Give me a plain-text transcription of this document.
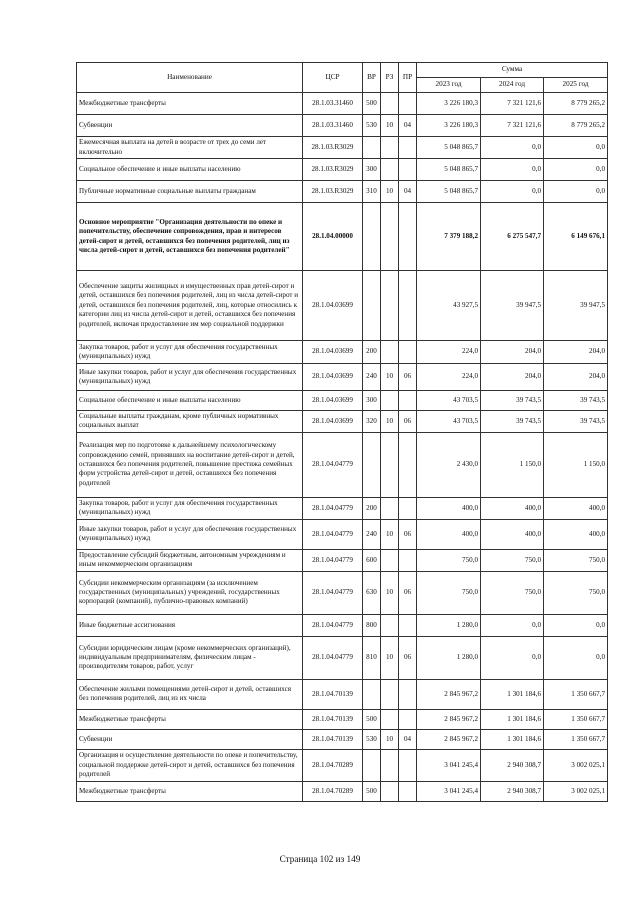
Наименование	ЦСР	ВР	РЗ	ПР	Сумма		
					2023 год	2024 год	2025 год
Межбюджетные трансферты	28.1.03.31460	500			3 226 180,3	7 321 121,6	8 779 265,2
Субвенции	28.1.03.31460	530	10	04	3 226 180,3	7 321 121,6	8 779 265,2
Ежемесячная выплата на детей в возрасте от трех до семи лет включительно	28.1.03.R3029				5 048 865,7	0,0	0,0
Социальное обеспечение и иные выплаты населению	28.1.03.R3029	300			5 048 865,7	0,0	0,0
Публичные нормативные социальные выплаты гражданам	28.1.03.R3029	310	10	04	5 048 865,7	0,0	0,0
Основное мероприятие "Организация деятельности по опеке и попечительству, обеспечение сопровождения, прав и интересов детей-сирот и детей, оставшихся без попечения родителей, лиц из числа детей-сирот и детей, оставшихся без попечения родителей"	28.1.04.00000				7 379 188,2	6 275 547,7	6 149 676,1
Обеспечение защиты жилищных и имущественных прав детей-сирот и детей, оставшихся без попечения родителей, лиц из числа детей-сирот и детей, оставшихся без попечения родителей, лиц, которые относились к категории лиц из числа детей-сирот и детей, оставшихся без попечения родителей, включая предоставление им мер социальной поддержки	28.1.04.03699				43 927,5	39 947,5	39 947,5
Закупка товаров, работ и услуг для обеспечения государственных (муниципальных) нужд	28.1.04.03699	200			224,0	204,0	204,0
Иные закупки товаров, работ и услуг для обеспечения государственных (муниципальных) нужд	28.1.04.03699	240	10	06	224,0	204,0	204,0
Социальное обеспечение и иные выплаты населению	28.1.04.03699	300			43 703,5	39 743,5	39 743,5
Социальные выплаты гражданам, кроме публичных нормативных социальных выплат	28.1.04.03699	320	10	06	43 703,5	39 743,5	39 743,5
Реализация мер по подготовке к дальнейшему психологическому сопровождению семей, принявших на воспитание детей-сирот и детей, оставшихся без попечения родителей, повышение престижа семейных форм устройства детей-сирот и детей, оставшихся без попечения родителей	28.1.04.04779				2 430,0	1 150,0	1 150,0
Закупка товаров, работ и услуг для обеспечения государственных (муниципальных) нужд	28.1.04.04779	200			400,0	400,0	400,0
Иные закупки товаров, работ и услуг для обеспечения государственных (муниципальных) нужд	28.1.04.04779	240	10	06	400,0	400,0	400,0
Предоставление субсидий бюджетным, автономным учреждениям и иным некоммерческим организациям	28.1.04.04779	600			750,0	750,0	750,0
Субсидии некоммерческим организациям (за исключением государственных (муниципальных) учреждений, государственных корпораций (компаний), публично-правовых компаний)	28.1.04.04779	630	10	06	750,0	750,0	750,0
Иные бюджетные ассигнования	28.1.04.04779	800			1 280,0	0,0	0,0
Субсидии юридическим лицам (кроме некоммерческих организаций), индивидуальным предпринимателям, физическим лицам - производителям товаров, работ, услуг	28.1.04.04779	810	10	06	1 280,0	0,0	0,0
Обеспечение жилыми помещениями детей-сирот и детей, оставшихся без попечения родителей, лиц из их числа	28.1.04.70139				2 845 967,2	1 301 184,6	1 350 667,7
Межбюджетные трансферты	28.1.04.70139	500			2 845 967,2	1 301 184,6	1 350 667,7
Субвенции	28.1.04.70139	530	10	04	2 845 967,2	1 301 184,6	1 350 667,7
Организация и осуществление деятельности по опеке и попечительству, социальной поддержке детей-сирот и детей, оставшихся без попечения родителей	28.1.04.70289				3 041 245,4	2 940 308,7	3 002 025,1
Межбюджетные трансферты	28.1.04.70289	500			3 041 245,4	2 940 308,7	3 002 025,1
Страница 102 из 149
